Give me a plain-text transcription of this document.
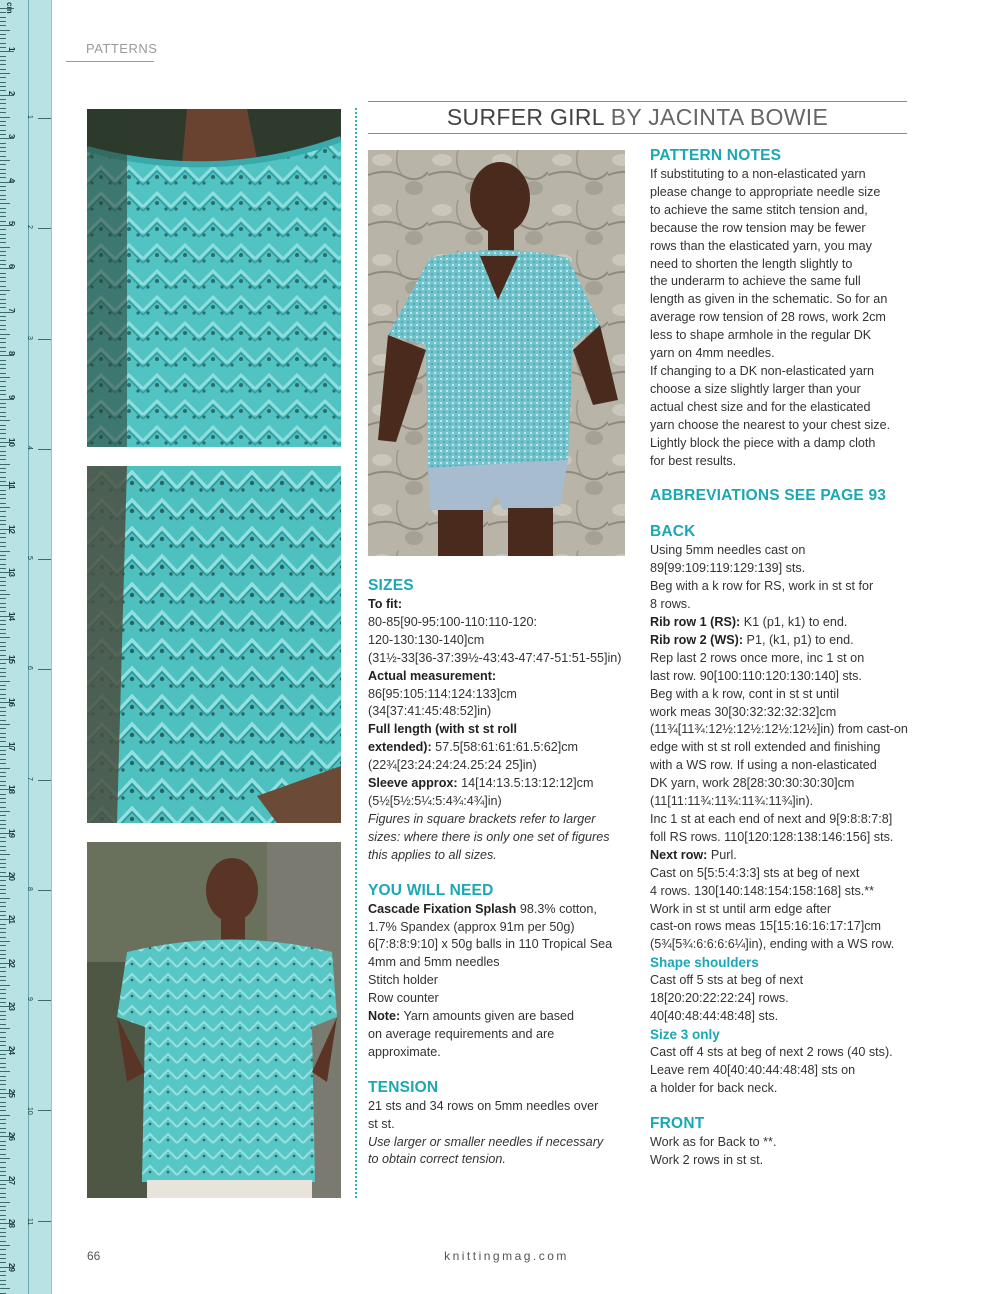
1
2
3
4
5
6
7
8
9
10
11
12
13
14
15
16
17
18
19
20
21
22
23
24
25
26
27
28
29
1
2
3
4
5
6
7
8
9
10
11
PATTERNS
SURFER GIRL BY JACINTA BOWIE
SIZES

To fit:

80-85[90-95:100-110:110-120:

120-130:130-140]cm

(31½-33[36-37:39½-43:43-47:47-51:51-55]in)

Actual measurement:

86[95:105:114:124:133]cm

(34[37:41:45:48:52]in)

Full length (with st st roll

extended): 57.5[58:61:61:61.5:62]cm

(22¾[23:24:24:24.25:24 25]in)

Sleeve approx: 14[14:13.5:13:12:12]cm

(5½[5½:5¼:5:4¾:4¾]in)

Figures in square brackets refer to larger

sizes: where there is only one set of figures

this applies to all sizes.

YOU WILL NEED

Cascade Fixation Splash 98.3% cotton,

1.7% Spandex (approx 91m per 50g)

6[7:8:8:9:10] x 50g balls in 110 Tropical Sea

4mm and 5mm needles

Stitch holder

Row counter

Note: Yarn amounts given are based

on average requirements and are

approximate.

TENSION

21 sts and 34 rows on 5mm needles over

st st.

Use larger or smaller needles if necessary

to obtain correct tension.

PATTERN NOTES

If substituting to a non-elasticated yarn

please change to appropriate needle size

to achieve the same stitch tension and,

because the row tension may be fewer

rows than the elasticated yarn, you may

need to shorten the length slightly to

the underarm to achieve the same full

length as given in the schematic. So for an

average row tension of 28 rows, work 2cm

less to shape armhole in the regular DK

yarn on 4mm needles.

If changing to a DK non-elasticated yarn

choose a size slightly larger than your

actual chest size and for the elasticated

yarn choose the nearest to your chest size.

Lightly block the piece with a damp cloth

for best results.

ABBREVIATIONS SEE PAGE 93
BACK

Using 5mm needles cast on

89[99:109:119:129:139] sts.

Beg with a k row for RS, work in st st for

8 rows.

Rib row 1 (RS): K1 (p1, k1) to end.

Rib row 2 (WS): P1, (k1, p1) to end.

Rep last 2 rows once more, inc 1 st on

last row. 90[100:110:120:130:140] sts.

Beg with a k row, cont in st st until

work meas 30[30:32:32:32:32]cm

(11¾[11¾:12½:12½:12½:12½]in) from cast-on

edge with st st roll extended and finishing

with a WS row. If using a non-elasticated

DK yarn, work 28[28:30:30:30:30]cm

(11[11:11¾:11¾:11¾:11¾]in).

Inc 1 st at each end of next and 9[9:8:8:7:8]

foll RS rows. 110[120:128:138:146:156] sts.

Next row: Purl.

Cast on 5[5:5:4:3:3] sts at beg of next

4 rows. 130[140:148:154:158:168] sts.**

Work in st st until arm edge after

cast-on rows meas 15[15:16:16:17:17]cm

(5¾[5¾:6:6:6:6¼]in), ending with a WS row.

Shape shoulders

Cast off 5 sts at beg of next

18[20:20:22:22:24] rows.

40[40:48:44:48:48] sts.

Size 3 only

Cast off 4 sts at beg of next 2 rows (40 sts).

Leave rem 40[40:40:44:48:48] sts on

a holder for back neck.

FRONT

Work as for Back to **.

Work 2 rows in st st.

66	knittingmag.com
